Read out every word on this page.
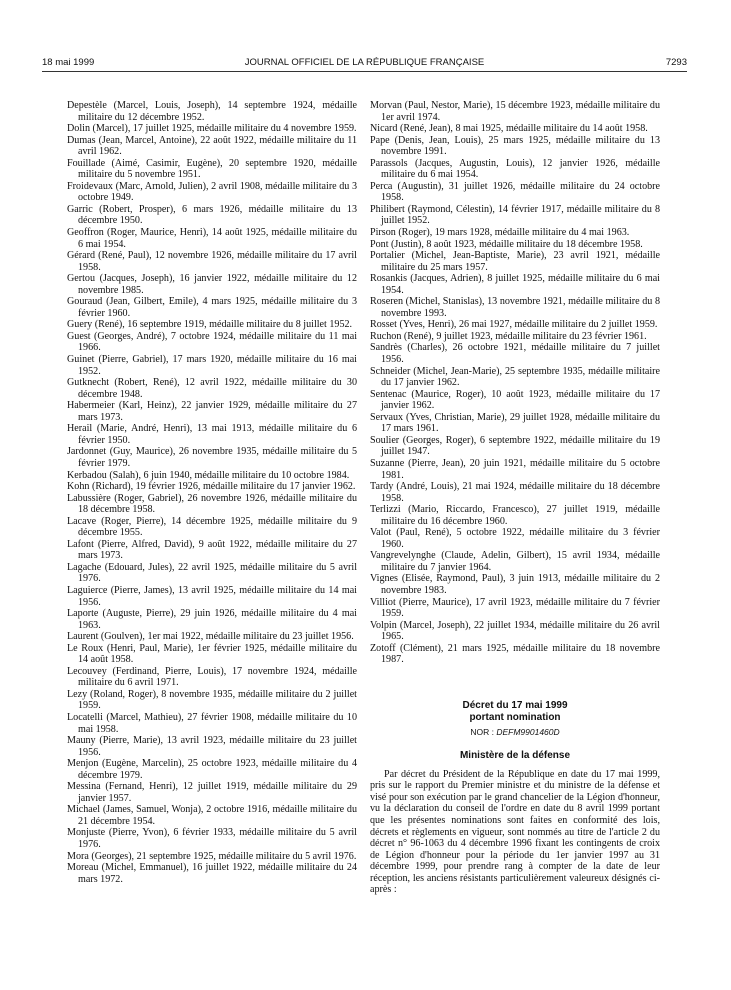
18 mai 1999	JOURNAL OFFICIEL DE LA RÉPUBLIQUE FRANÇAISE	7293
Depestèle (Marcel, Louis, Joseph), 14 septembre 1924, médaille militaire du 12 décembre 1952.
Dolin (Marcel), 17 juillet 1925, médaille militaire du 4 novembre 1959.
Dumas (Jean, Marcel, Antoine), 22 août 1922, médaille militaire du 11 avril 1962.
Fouillade (Aimé, Casimir, Eugène), 20 septembre 1920, médaille militaire du 5 novembre 1951.
Froidevaux (Marc, Arnold, Julien), 2 avril 1908, médaille militaire du 3 octobre 1949.
Garric (Robert, Prosper), 6 mars 1926, médaille militaire du 13 décembre 1950.
Geoffron (Roger, Maurice, Henri), 14 août 1925, médaille militaire du 6 mai 1954.
Gérard (René, Paul), 12 novembre 1926, médaille militaire du 17 avril 1958.
Gertou (Jacques, Joseph), 16 janvier 1922, médaille militaire du 12 novembre 1985.
Gouraud (Jean, Gilbert, Emile), 4 mars 1925, médaille militaire du 3 février 1960.
Guery (René), 16 septembre 1919, médaille militaire du 8 juillet 1952.
Guest (Georges, André), 7 octobre 1924, médaille militaire du 11 mai 1966.
Guinet (Pierre, Gabriel), 17 mars 1920, médaille militaire du 16 mai 1952.
Gutknecht (Robert, René), 12 avril 1922, médaille militaire du 30 décembre 1948.
Habermeier (Karl, Heinz), 22 janvier 1929, médaille militaire du 27 mars 1973.
Herail (Marie, André, Henri), 13 mai 1913, médaille militaire du 6 février 1950.
Jardonnet (Guy, Maurice), 26 novembre 1935, médaille militaire du 5 février 1979.
Kerbadou (Salah), 6 juin 1940, médaille militaire du 10 octobre 1984.
Kohn (Richard), 19 février 1926, médaille militaire du 17 janvier 1962.
Labussière (Roger, Gabriel), 26 novembre 1926, médaille militaire du 18 décembre 1958.
Lacave (Roger, Pierre), 14 décembre 1925, médaille militaire du 9 décembre 1955.
Lafont (Pierre, Alfred, David), 9 août 1922, médaille militaire du 27 mars 1973.
Lagache (Edouard, Jules), 22 avril 1925, médaille militaire du 5 avril 1976.
Laguierce (Pierre, James), 13 avril 1925, médaille militaire du 14 mai 1956.
Laporte (Auguste, Pierre), 29 juin 1926, médaille militaire du 4 mai 1963.
Laurent (Goulven), 1er mai 1922, médaille militaire du 23 juillet 1956.
Le Roux (Henri, Paul, Marie), 1er février 1925, médaille militaire du 14 août 1958.
Lecouvey (Ferdinand, Pierre, Louis), 17 novembre 1924, médaille militaire du 6 avril 1971.
Lezy (Roland, Roger), 8 novembre 1935, médaille militaire du 2 juillet 1959.
Locatelli (Marcel, Mathieu), 27 février 1908, médaille militaire du 10 mai 1958.
Mauny (Pierre, Marie), 13 avril 1923, médaille militaire du 23 juillet 1956.
Menjon (Eugène, Marcelin), 25 octobre 1923, médaille militaire du 4 décembre 1979.
Messina (Fernand, Henri), 12 juillet 1919, médaille militaire du 29 janvier 1957.
Michael (James, Samuel, Wonja), 2 octobre 1916, médaille militaire du 21 décembre 1954.
Monjuste (Pierre, Yvon), 6 février 1933, médaille militaire du 5 avril 1976.
Mora (Georges), 21 septembre 1925, médaille militaire du 5 avril 1976.
Moreau (Michel, Emmanuel), 16 juillet 1922, médaille militaire du 24 mars 1972.
Morvan (Paul, Nestor, Marie), 15 décembre 1923, médaille militaire du 1er avril 1974.
Nicard (René, Jean), 8 mai 1925, médaille militaire du 14 août 1958.
Pape (Denis, Jean, Louis), 25 mars 1925, médaille militaire du 13 novembre 1991.
Parassols (Jacques, Augustin, Louis), 12 janvier 1926, médaille militaire du 6 mai 1954.
Perca (Augustin), 31 juillet 1926, médaille militaire du 24 octobre 1958.
Philibert (Raymond, Célestin), 14 février 1917, médaille militaire du 8 juillet 1952.
Pirson (Roger), 19 mars 1928, médaille militaire du 4 mai 1963.
Pont (Justin), 8 août 1923, médaille militaire du 18 décembre 1958.
Portalier (Michel, Jean-Baptiste, Marie), 23 avril 1921, médaille militaire du 25 mars 1957.
Rosankis (Jacques, Adrien), 8 juillet 1925, médaille militaire du 6 mai 1954.
Roseren (Michel, Stanislas), 13 novembre 1921, médaille militaire du 8 novembre 1993.
Rosset (Yves, Henri), 26 mai 1927, médaille militaire du 2 juillet 1959.
Ruchon (René), 9 juillet 1923, médaille militaire du 23 février 1961.
Sandrès (Charles), 26 octobre 1921, médaille militaire du 7 juillet 1956.
Schneider (Michel, Jean-Marie), 25 septembre 1935, médaille militaire du 17 janvier 1962.
Sentenac (Maurice, Roger), 10 août 1923, médaille militaire du 17 janvier 1962.
Servaux (Yves, Christian, Marie), 29 juillet 1928, médaille militaire du 17 mars 1961.
Soulier (Georges, Roger), 6 septembre 1922, médaille militaire du 19 juillet 1947.
Suzanne (Pierre, Jean), 20 juin 1921, médaille militaire du 5 octobre 1981.
Tardy (André, Louis), 21 mai 1924, médaille militaire du 18 décembre 1958.
Terlizzi (Mario, Riccardo, Francesco), 27 juillet 1919, médaille militaire du 16 décembre 1960.
Valot (Paul, René), 5 octobre 1922, médaille militaire du 3 février 1960.
Vangrevelynghe (Claude, Adelin, Gilbert), 15 avril 1934, médaille militaire du 7 janvier 1964.
Vignes (Elisée, Raymond, Paul), 3 juin 1913, médaille militaire du 2 novembre 1983.
Villiot (Pierre, Maurice), 17 avril 1923, médaille militaire du 7 février 1959.
Volpin (Marcel, Joseph), 22 juillet 1934, médaille militaire du 26 avril 1965.
Zotoff (Clément), 21 mars 1925, médaille militaire du 18 novembre 1987.
Décret du 17 mai 1999
portant nomination
NOR : DEFM9901460D
Ministère de la défense
Par décret du Président de la République en date du 17 mai 1999, pris sur le rapport du Premier ministre et du ministre de la défense et visé pour son exécution par le grand chancelier de la Légion d'honneur, vu la déclaration du conseil de l'ordre en date du 8 avril 1999 portant que les présentes nominations sont faites en conformité des lois, décrets et règlements en vigueur, sont nommés au titre de l'article 2 du décret n° 96-1063 du 4 décembre 1996 fixant les contingents de croix de Légion d'honneur pour la période du 1er janvier 1997 au 31 décembre 1999, pour prendre rang à compter de la date de leur réception, les anciens résistants particulièrement valeureux désignés ci-après :
